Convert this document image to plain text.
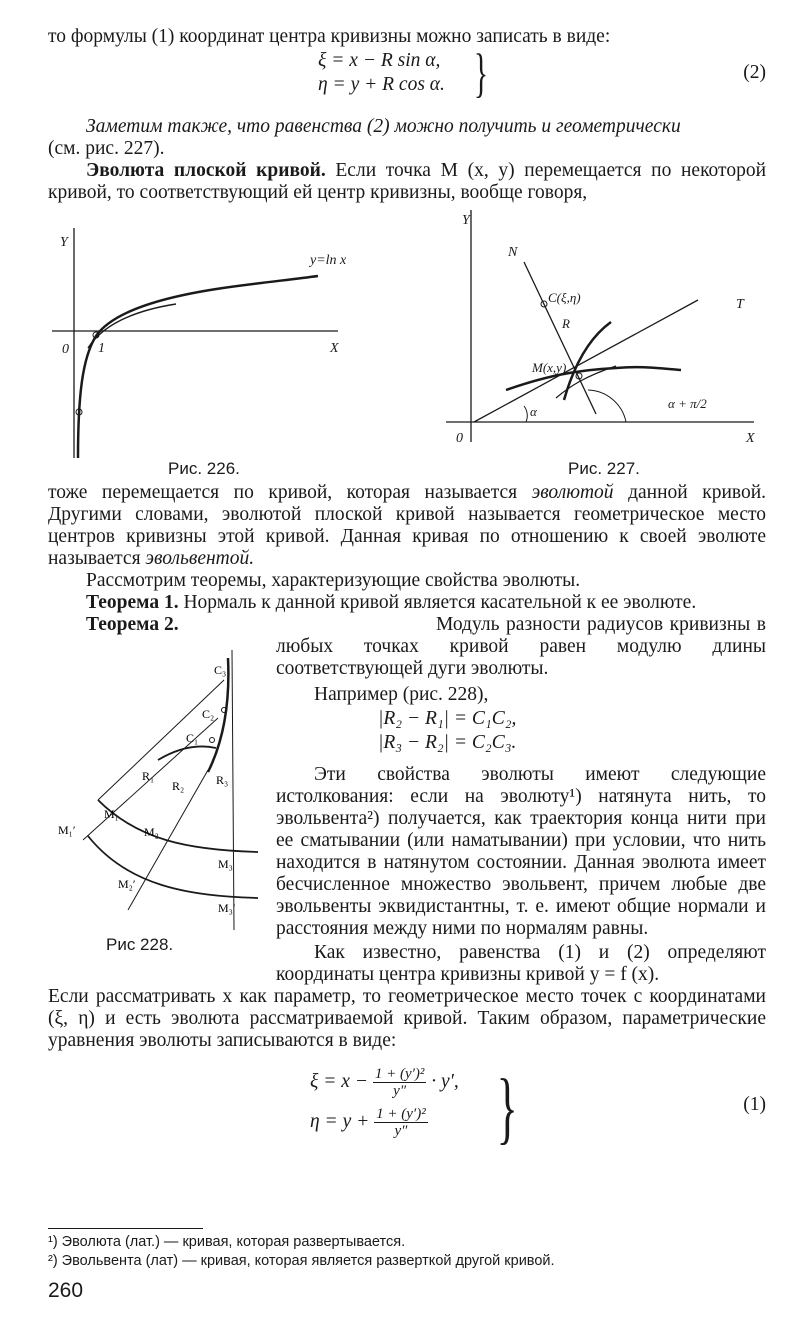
то формулы (1) координат центра кривизны можно записать в виде:

ξ = x − R sin α,
η = y + R cos α. }	(2)

Заметим также, что равенства (2) можно получить и геометрически

(см. рис. 227).

Эволюта плоской кривой. Если точка M (x, y) перемещается по некоторой кривой, то соответствующий ей центр кривизны, вообще говоря,

Y
0 1	X
y=ln x
Рис. 226.
Y
N
T
C(ξ,η)
R
M(x,y)
α
α + π/2
0	X
Рис. 227.

тоже перемещается по кривой, которая называется эволютой данной кривой. Другими словами, эволютой плоской кривой называется геометрическое место центров кривизны этой кривой. Данная кривая по отношению к своей эволюте называется эвольвентой.

Рассмотрим теоремы, характеризующие свойства эволюты.

Теорема 1. Нормаль к данной кривой является касательной к ее эволюте.

Теорема 2.

C₃
C₂
C₁
R₁
R₂	R₃
M₁
M₂
M₃
M₁′
M₂′
M₃′
Рис 228.

Модуль разности радиусов кривизны в любых точках кривой равен модулю длины соответствующей дуги эволюты.

Например (рис. 228),

|R₂ − R₁| = C₁C₂,
|R₃ − R₂| = C₂C₃.

Эти свойства эволюты имеют следующие истолкования: если на эволюту¹) натянута нить, то эвольвента²) получается, как траектория конца нити при ее сматывании (или наматывании) при условии, что нить находится в натянутом состоянии. Данная эволюта имеет бесчисленное множество эвольвент, причем любые две эвольвенты эквидистантны, т. е. имеют общие нормали и расстояния между ними по нормалям равны.

Как известно, равенства (1) и (2) определяют координаты центра кривизны кривой y = f (x).

Если рассматривать x как параметр, то геометрическое место точек с координатами (ξ, η) и есть эволюта рассматриваемой кривой. Таким образом, параметрические уравнения эволюты записываются в виде:

$\xi = x - \frac{\text{1 + (y′)²}}{y''} \cdot y'$,
$\eta = y + \frac{\text{1 + (y′)²}}{y''}$ }	(1)
¹) Эволюта (лат.) — кривая, которая развертывается.
²) Эвольвента (лат) — кривая, которая является разверткой другой кривой.
260
